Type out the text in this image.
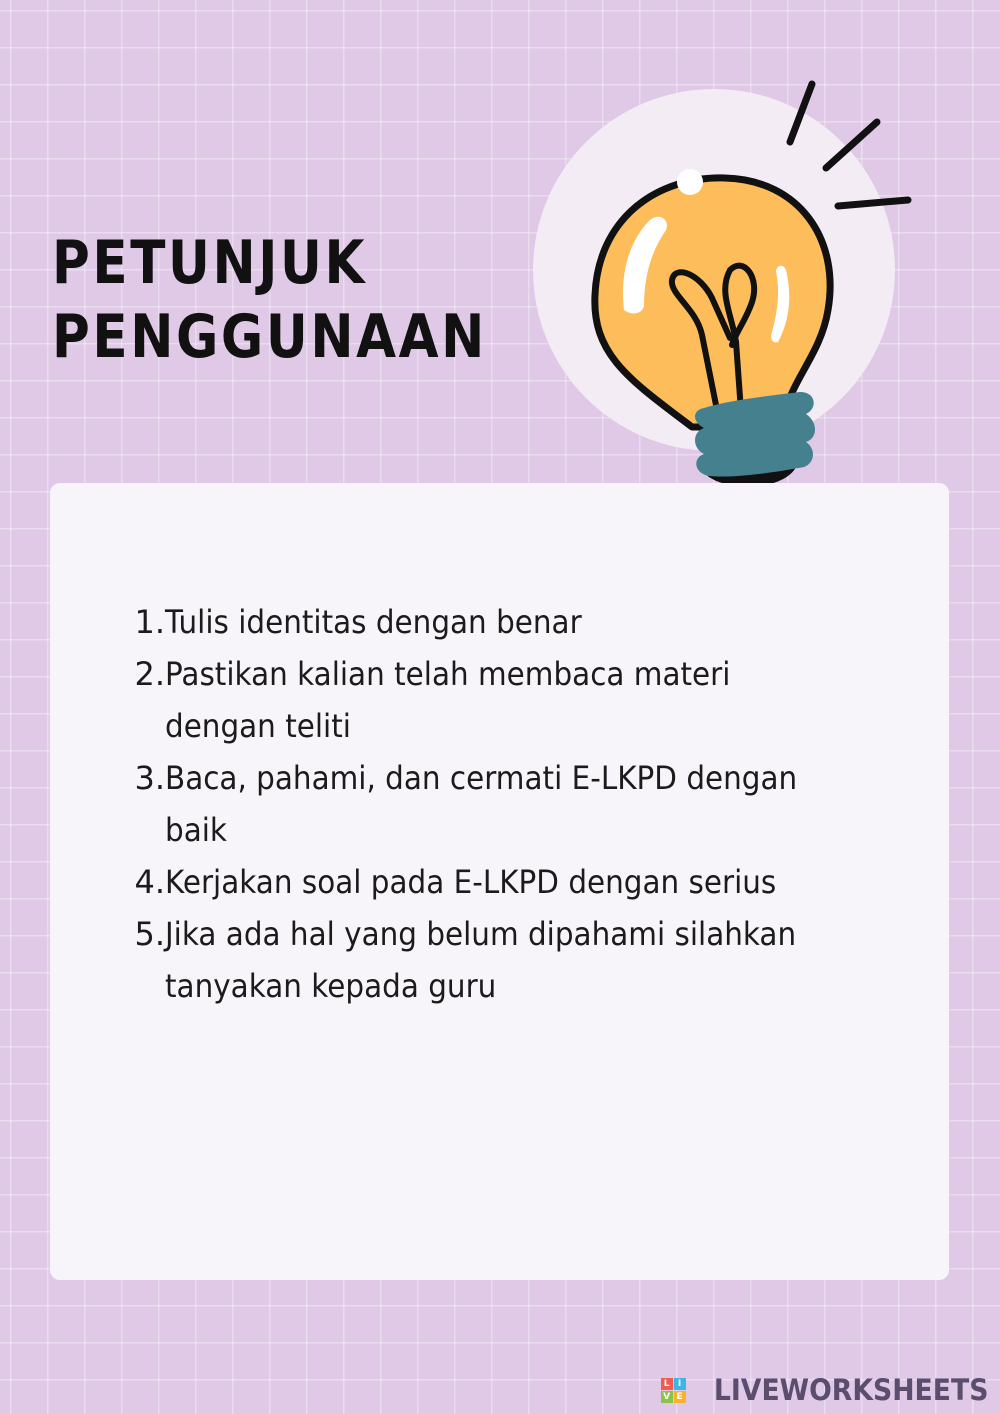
PETUNJUK
PENGGUNAAN
1. Tulis identitas dengan benar
2. Pastikan kalian telah membaca materi dengan teliti
3. Baca, pahami, dan cermati E-LKPD dengan baik
4. Kerjakan soal pada E-LKPD dengan serius
5. Jika ada hal yang belum dipahami silahkan tanyakan kepada guru
L I
V E LIVEWORKSHEETS
